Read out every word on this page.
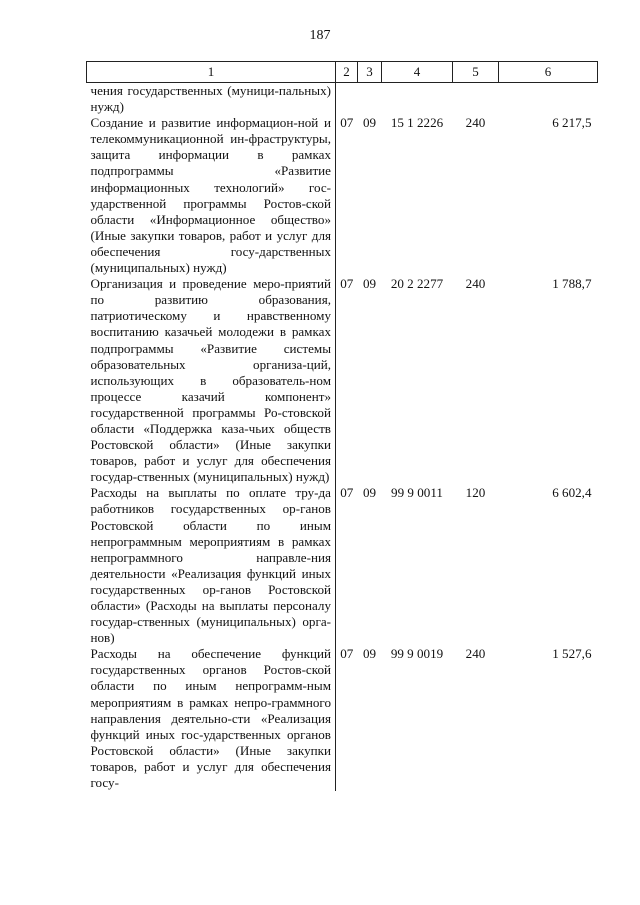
187
1	2	3	4	5	6

чения государственных (муници-пальных) нужд)					

Создание и развитие информацион-ной и телекоммуникационной ин-фраструктуры, защита информации в рамках подпрограммы «Развитие информационных технологий» гос-ударственной программы Ростов-ской области «Информационное общество» (Иные закупки товаров, работ и услуг для обеспечения госу-дарственных (муниципальных) нужд)	07	09	15 1 2226	240	6 217,5

Организация и проведение меро-приятий по развитию образования, патриотическому и нравственному воспитанию казачьей молодежи в рамках подпрограммы «Развитие системы образовательных организа-ций, использующих в образователь-ном процессе казачий компонент» государственной программы Ро-стовской области «Поддержка каза-чьих обществ Ростовской области» (Иные закупки товаров, работ и услуг для обеспечения государ-ственных (муниципальных) нужд)	07	09	20 2 2277	240	1 788,7

Расходы на выплаты по оплате тру-да работников государственных ор-ганов Ростовской области по иным непрограммным мероприятиям в рамках непрограммного направле-ния деятельности «Реализация функций иных государственных ор-ганов Ростовской области» (Расходы на выплаты персоналу государ-ственных (муниципальных) орга-нов)	07	09	99 9 0011	120	6 602,4

Расходы на обеспечение функций государственных органов Ростов-ской области по иным непрограмм-ным мероприятиям в рамках непро-граммного направления деятельно-сти «Реализация функций иных гос-ударственных органов Ростовской области» (Иные закупки товаров, работ и услуг для обеспечения госу-	07	09	99 9 0019	240	1 527,6
